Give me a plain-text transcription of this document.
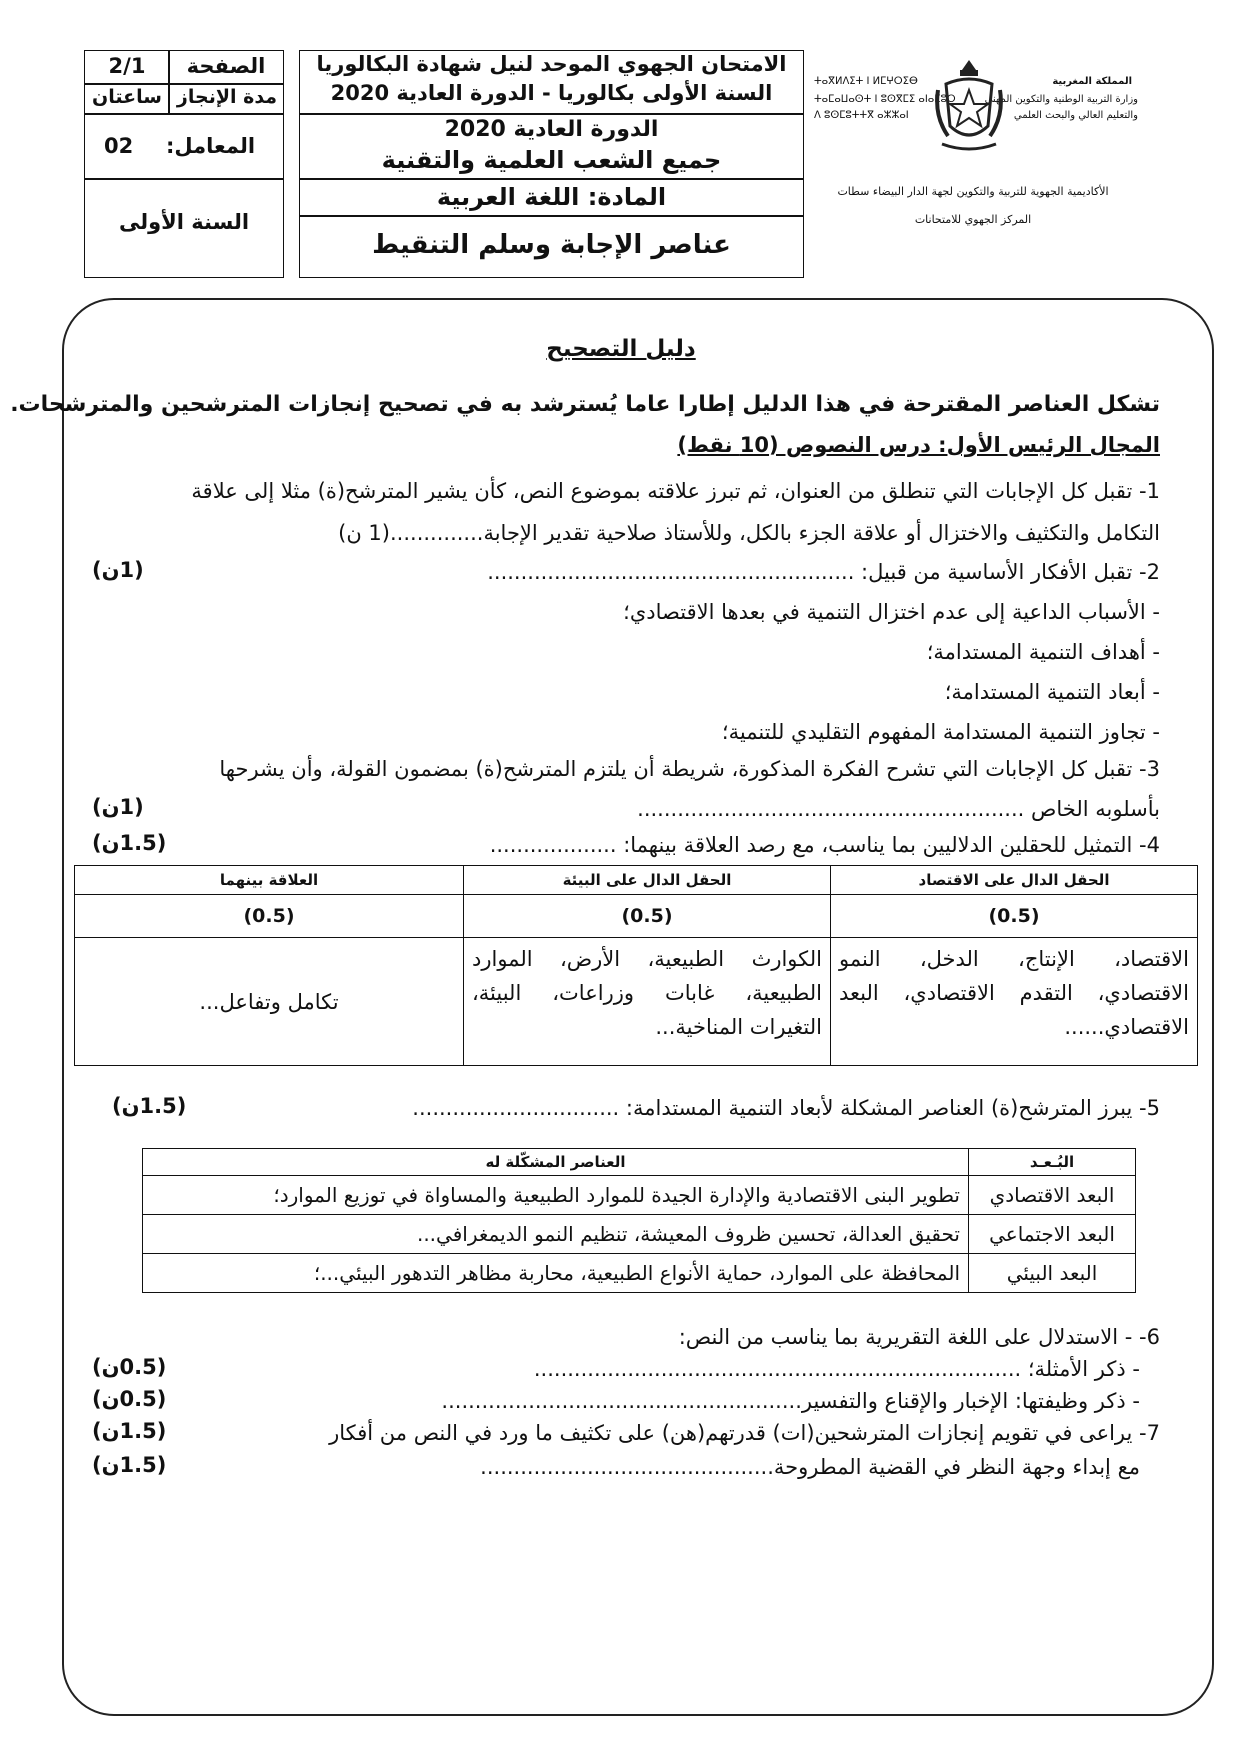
2/1	الصفحة
ساعتان مدة الإنجاز
02 المعامل:
السنة الأولى
الامتحان الجهوي الموحد لنيل شهادة البكالوريا
السنة الأولى بكالوريا - الدورة العادية 2020
الدورة العادية 2020
جميع الشعب العلمية والتقنية
المادة: اللغة العربية
عناصر الإجابة وسلم التنقيط
المملكة المغربية
وزارة التربية الوطنية والتكوين المهني
والتعليم العالي والبحث العلمي
ⵜⴰⴳⵍⴷⵉⵜ ⵏ ⵍⵎⵖⵔⵉⴱ
ⵜⴰⵎⴰⵡⴰⵙⵜ ⵏ ⵓⵙⴳⵎⵉ ⴰⵏⴰⵎⵓⵔ
ⴷ ⵓⵙⵎⵓⵜⵜⴳ ⴰⵣⵣⴰⵏ
الأكاديمية الجهوية للتربية والتكوين لجهة الدار البيضاء سطات
المركز الجهوي للامتحانات
دليل التصحيح
تشكل العناصر المقترحة في هذا الدليل إطارا عاما يُسترشد به في تصحيح إنجازات المترشحين والمترشحات.
المجال الرئيس الأول: درس النصوص (10 نقط)
1- تقبل كل الإجابات التي تنطلق من العنوان، ثم تبرز علاقته بموضوع النص، كأن يشير المترشح(ة) مثلا إلى علاقة
التكامل والتكثيف والاختزال أو علاقة الجزء بالكل، وللأستاذ صلاحية تقدير الإجابة..............(1 ن)
2- تقبل الأفكار الأساسية من قبيل: .......................................................
(1ن)
- الأسباب الداعية إلى عدم اختزال التنمية في بعدها الاقتصادي؛
- أهداف التنمية المستدامة؛
- أبعاد التنمية المستدامة؛
- تجاوز التنمية المستدامة المفهوم التقليدي للتنمية؛
3- تقبل كل الإجابات التي تشرح الفكرة المذكورة، شريطة أن يلتزم المترشح(ة) بمضمون القولة، وأن يشرحها
بأسلوبه الخاص ..........................................................
(1ن)
4- التمثيل للحقلين الدلاليين بما يناسب، مع رصد العلاقة بينهما: ...................
(1.5ن)
الحقل الدال على الاقتصاد	الحقل الدال على البيئة	العلاقة بينهما
(0.5)	(0.5)	(0.5)
الاقتصاد، الإنتاج، الدخل، النمو الاقتصادي، التقدم الاقتصادي، البعد الاقتصادي......	الكوارث الطبيعية، الأرض، الموارد الطبيعية، غابات وزراعات، البيئة، التغيرات المناخية...	تكامل وتفاعل...
5- يبرز المترشح(ة) العناصر المشكلة لأبعاد التنمية المستدامة: ...............................
(1.5ن)
البُـعـد	العناصر المشكّلة له
البعد الاقتصادي	تطوير البنى الاقتصادية والإدارة الجيدة للموارد الطبيعية والمساواة في توزيع الموارد؛
البعد الاجتماعي	تحقيق العدالة، تحسين ظروف المعيشة، تنظيم النمو الديمغرافي...
البعد البيئي	المحافظة على الموارد، حماية الأنواع الطبيعية، محاربة مظاهر التدهور البيئي...؛
6- - الاستدلال على اللغة التقريرية بما يناسب من النص:
- ذكر الأمثلة؛ .........................................................................
(0.5ن)
- ذكر وظيفتها: الإخبار والإقناع والتفسير......................................................
(0.5ن)
7- يراعى في تقويم إنجازات المترشحين(ات) قدرتهم(هن) على تكثيف ما ورد في النص من أفكار
(1.5ن)
مع إبداء وجهة النظر في القضية المطروحة............................................
(1.5ن)
